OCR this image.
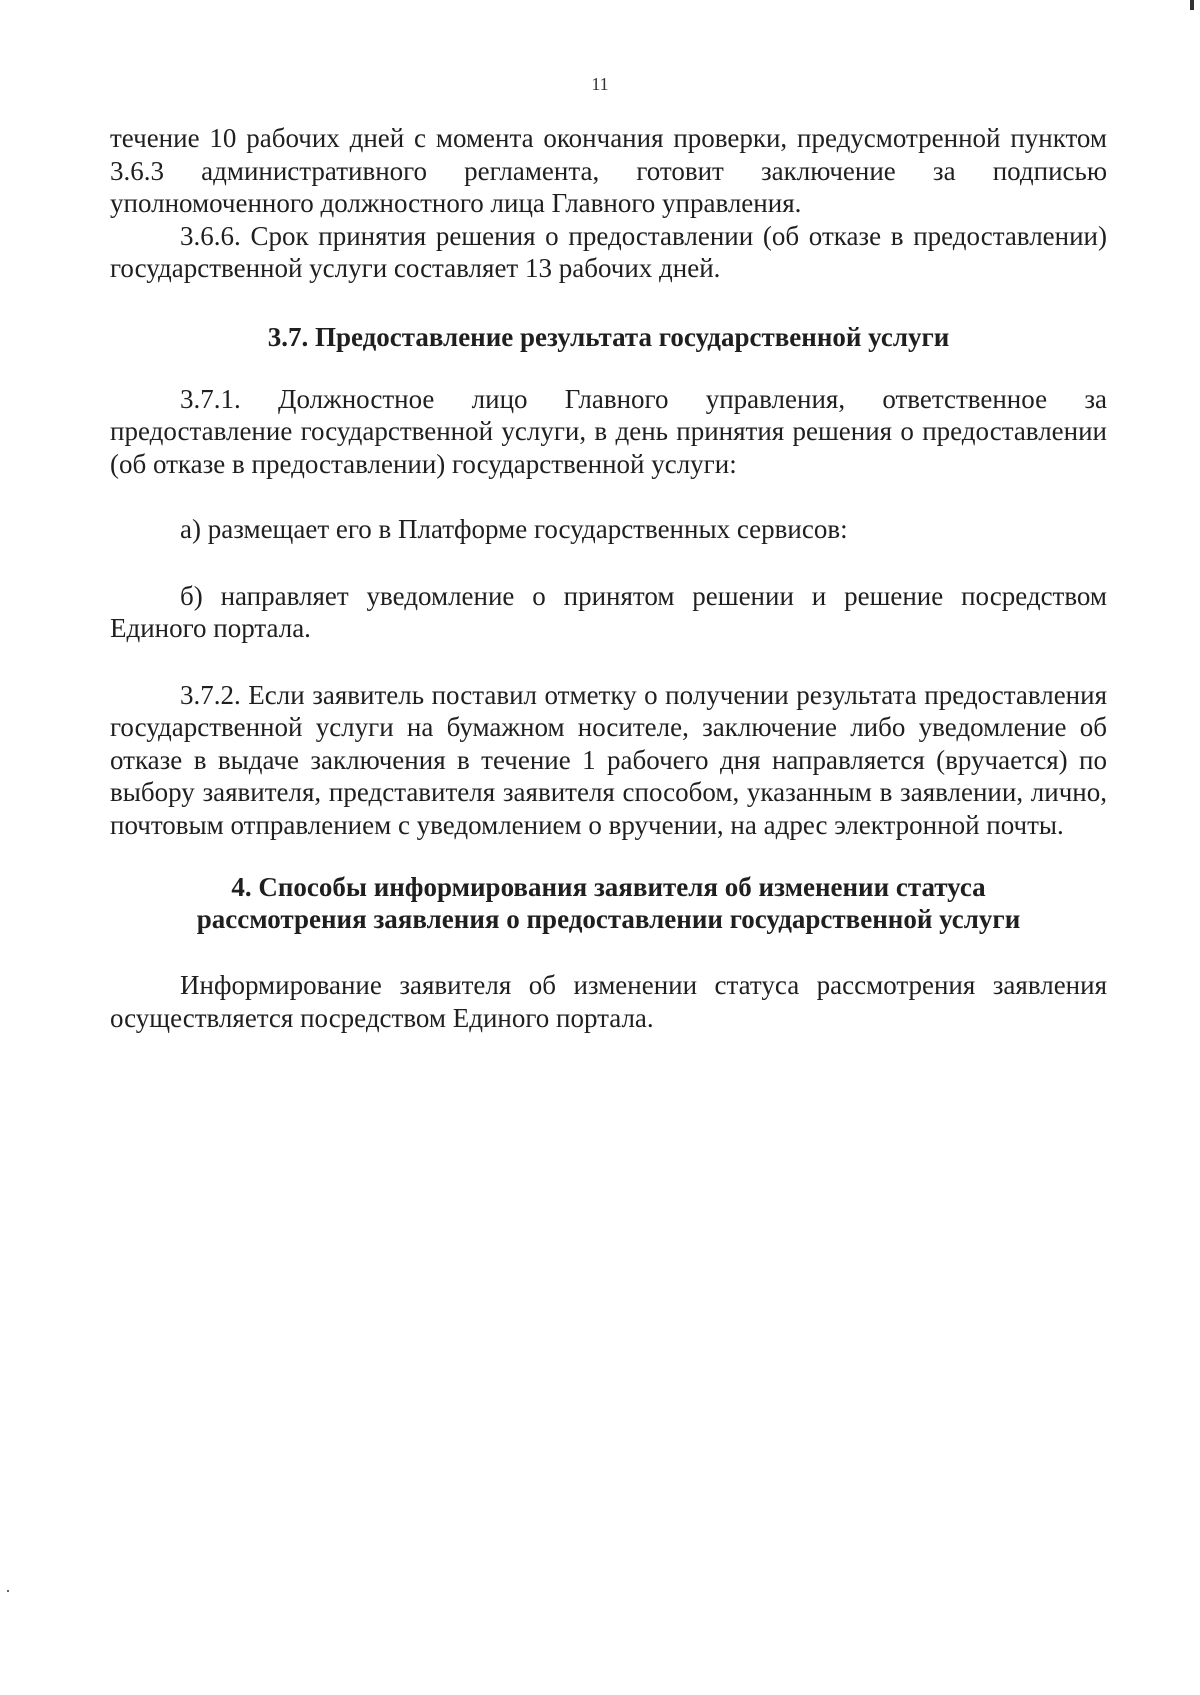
11

течение 10 рабочих дней с момента окончания проверки, предусмотренной пунктом 3.6.3 административного регламента, готовит заключение за подписью уполномоченного должностного лица Главного управления.

3.6.6. Срок принятия решения о предоставлении (об отказе в предоставлении) государственной услуги составляет 13 рабочих дней.

3.7. Предоставление результата государственной услуги

3.7.1. Должностное лицо Главного управления, ответственное за предоставление государственной услуги, в день принятия решения о предоставлении (об отказе в предоставлении) государственной услуги:

а) размещает его в Платформе государственных сервисов:

б) направляет уведомление о принятом решении и решение посредством Единого портала.

3.7.2. Если заявитель поставил отметку о получении результата предоставления государственной услуги на бумажном носителе, заключение либо уведомление об отказе в выдаче заключения в течение 1 рабочего дня направляется (вручается) по выбору заявителя, представителя заявителя способом, указанным в заявлении, лично, почтовым отправлением с уведомлением о вручении, на адрес электронной почты.

4. Способы информирования заявителя об изменении статуса

рассмотрения заявления о предоставлении государственной услуги

Информирование заявителя об изменении статуса рассмотрения заявления осуществляется посредством Единого портала.
